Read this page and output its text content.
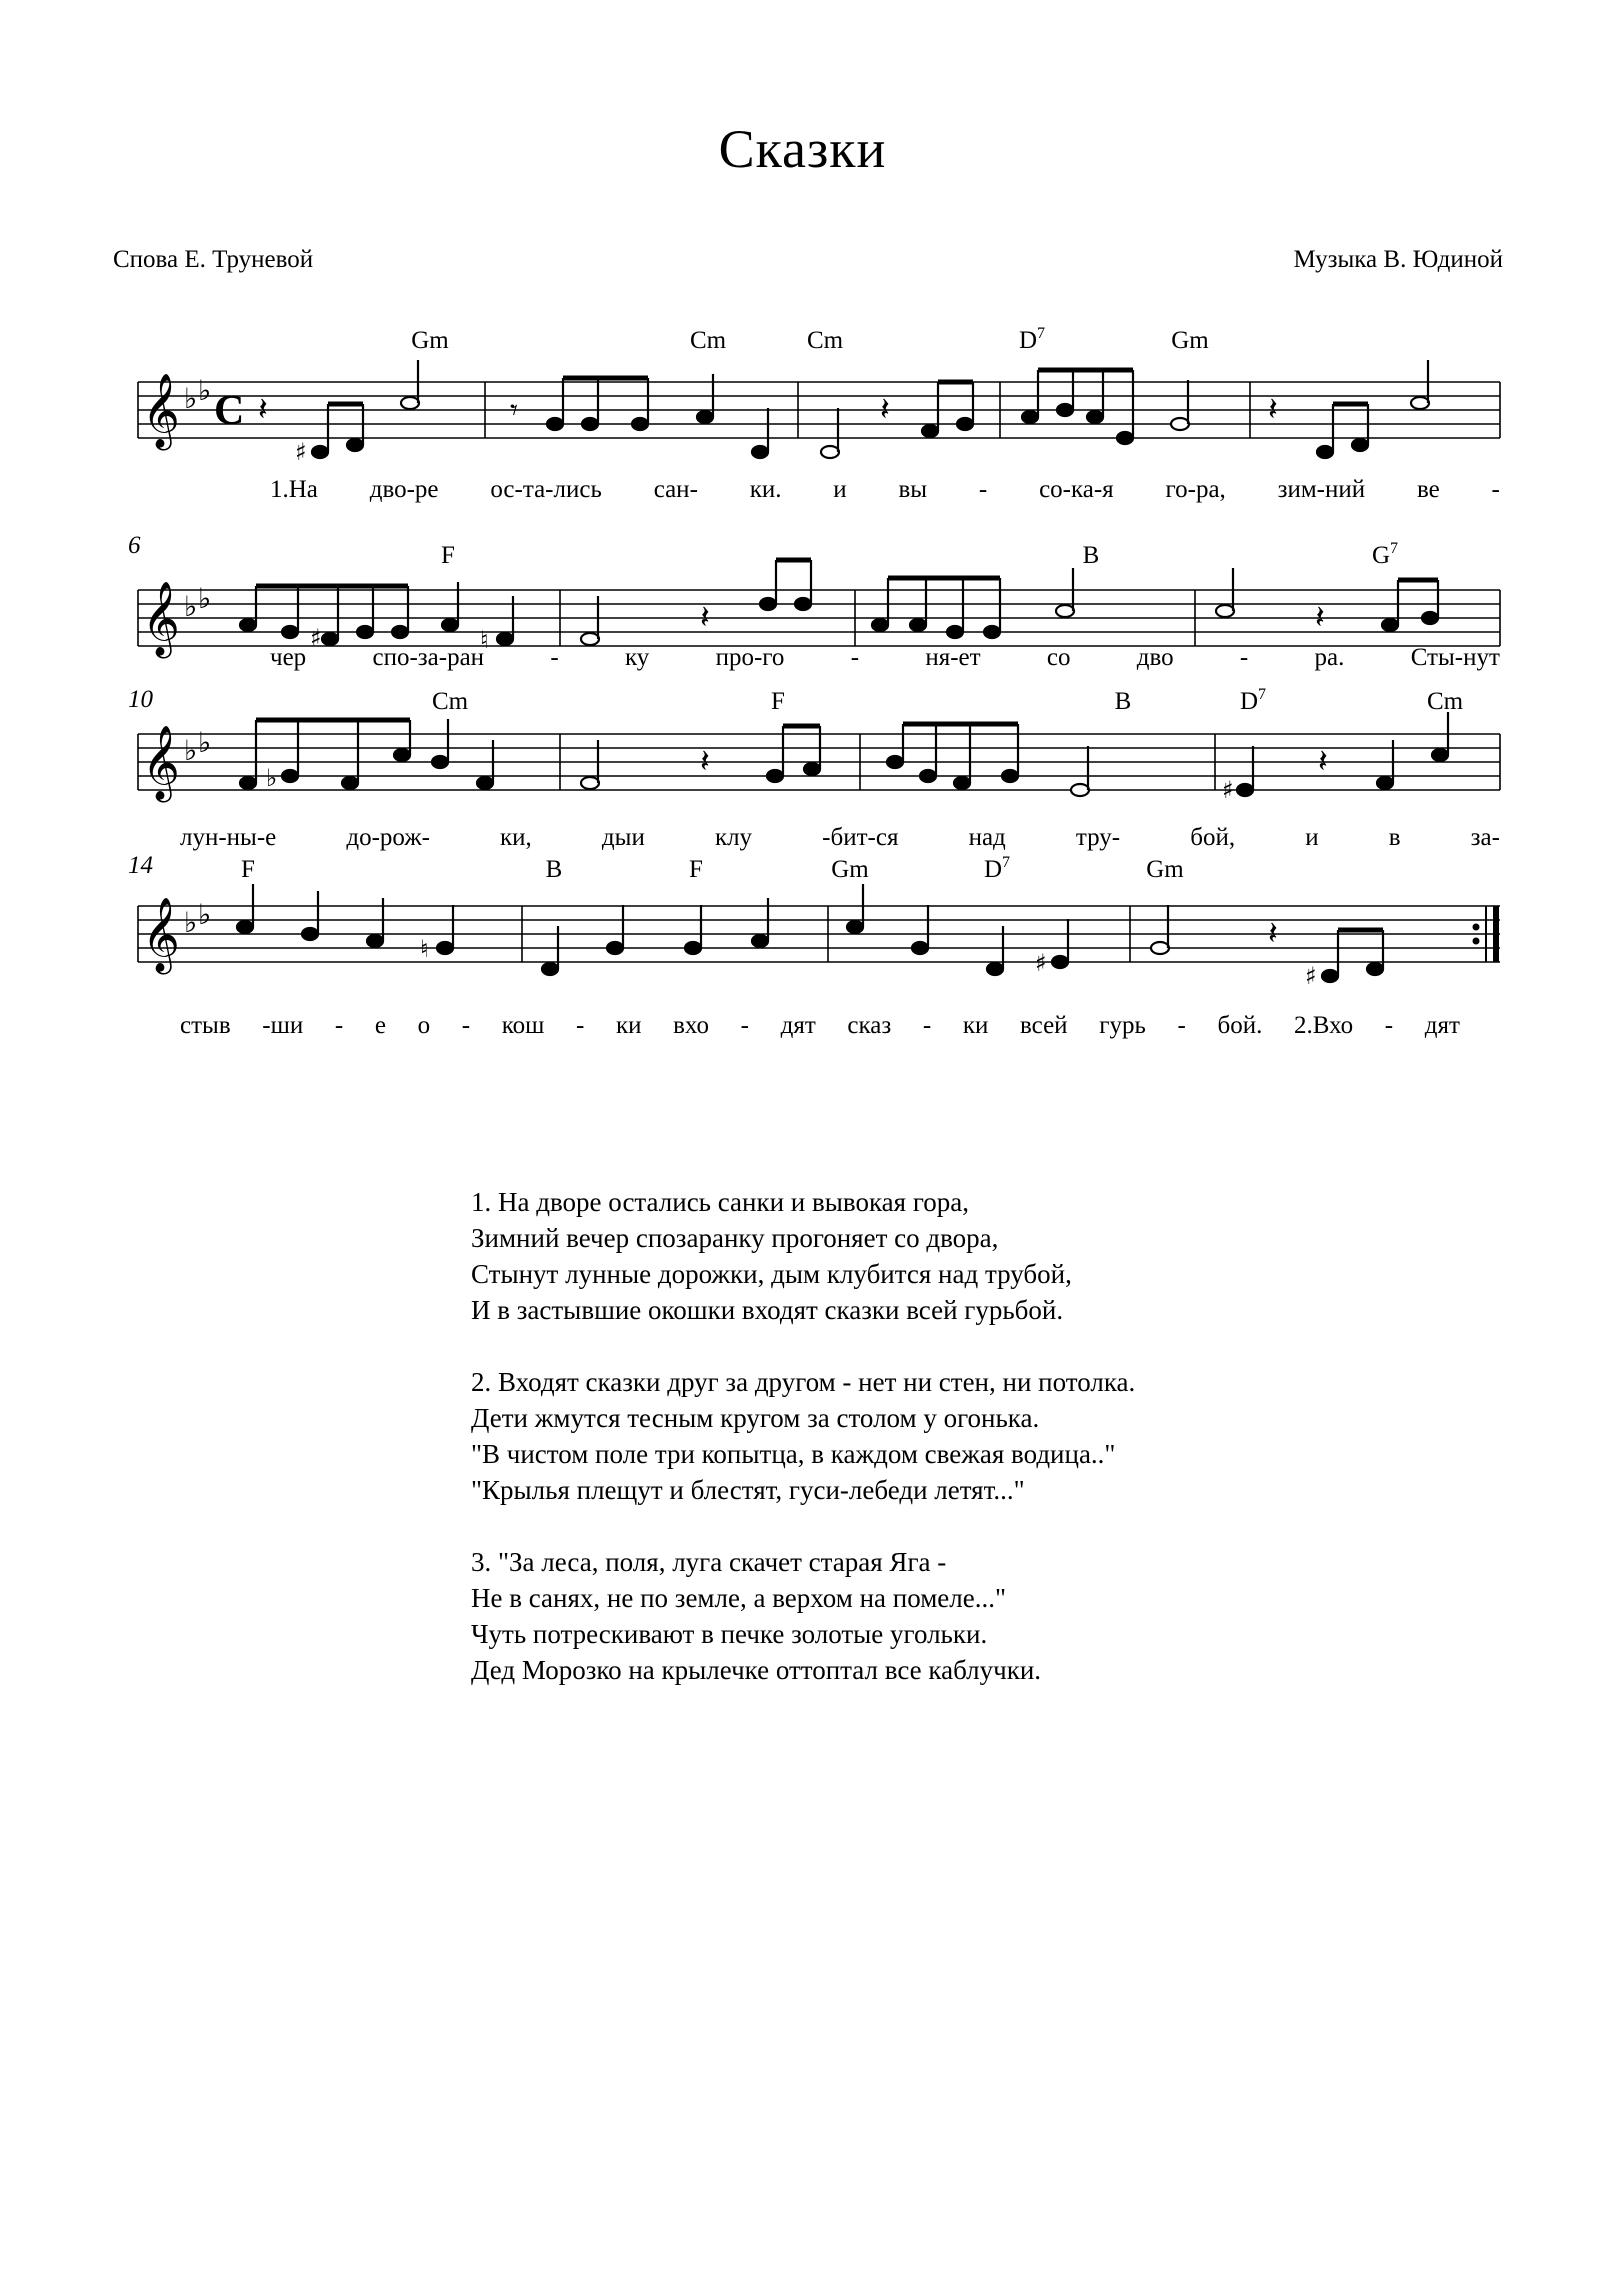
Сказки
Спова Е. Труневой	Музыка В. Юдиной
Gm	Cm	Cm	$D^7$	Gm
𝄞 ♭ ♭ C 𝄽
♯
𝄾	𝄽	𝄽
1.На дво-ре ос-та-лись сан- ки. и вы - со-ка-я го-ра, зим-ний ве -
6	F	B	$G^7$
𝄞 ♭ ♭
♯	♮
𝄽	𝄽
чер	спо-за-ран	-	ку	про-го	-	ня-ет	со	дво	-	ра.	Сты-нут
10	Cm	F	B	$D^7$	Cm
𝄞 ♭ ♭
♭	𝄽
♯
𝄽
лун-ны-е	до-рож-	ки,	дыи	клу	-бит-ся	над	тру-	бой,	и	в	за-
14	F	B	F	Gm	$D^7$	Gm
𝄞 ♭ ♭
♮	♯
𝄽
♯
стыв -ши - е о - кош - ки вхо - дят сказ - ки всей гурь - бой. 2.Вхо - дят
1. На дворе остались санки и вывокая гора,
Зимний вечер спозаранку прогоняет со двора,
Стынут лунные дорожки, дым клубится над трубой,
И в застывшие окошки входят сказки всей гурьбой.
2. Входят сказки друг за другом - нет ни стен, ни потолка.
Дети жмутся тесным кругом за столом у огонька.
"В чистом поле три копытца, в каждом свежая водица.."
"Крылья плещут и блестят, гуси-лебеди летят..."
3. "За леса, поля, луга скачет старая Яга -
Не в санях, не по земле, а верхом на помеле..."
Чуть потрескивают в печке золотые угольки.
Дед Морозко на крылечке оттоптал все каблучки.
